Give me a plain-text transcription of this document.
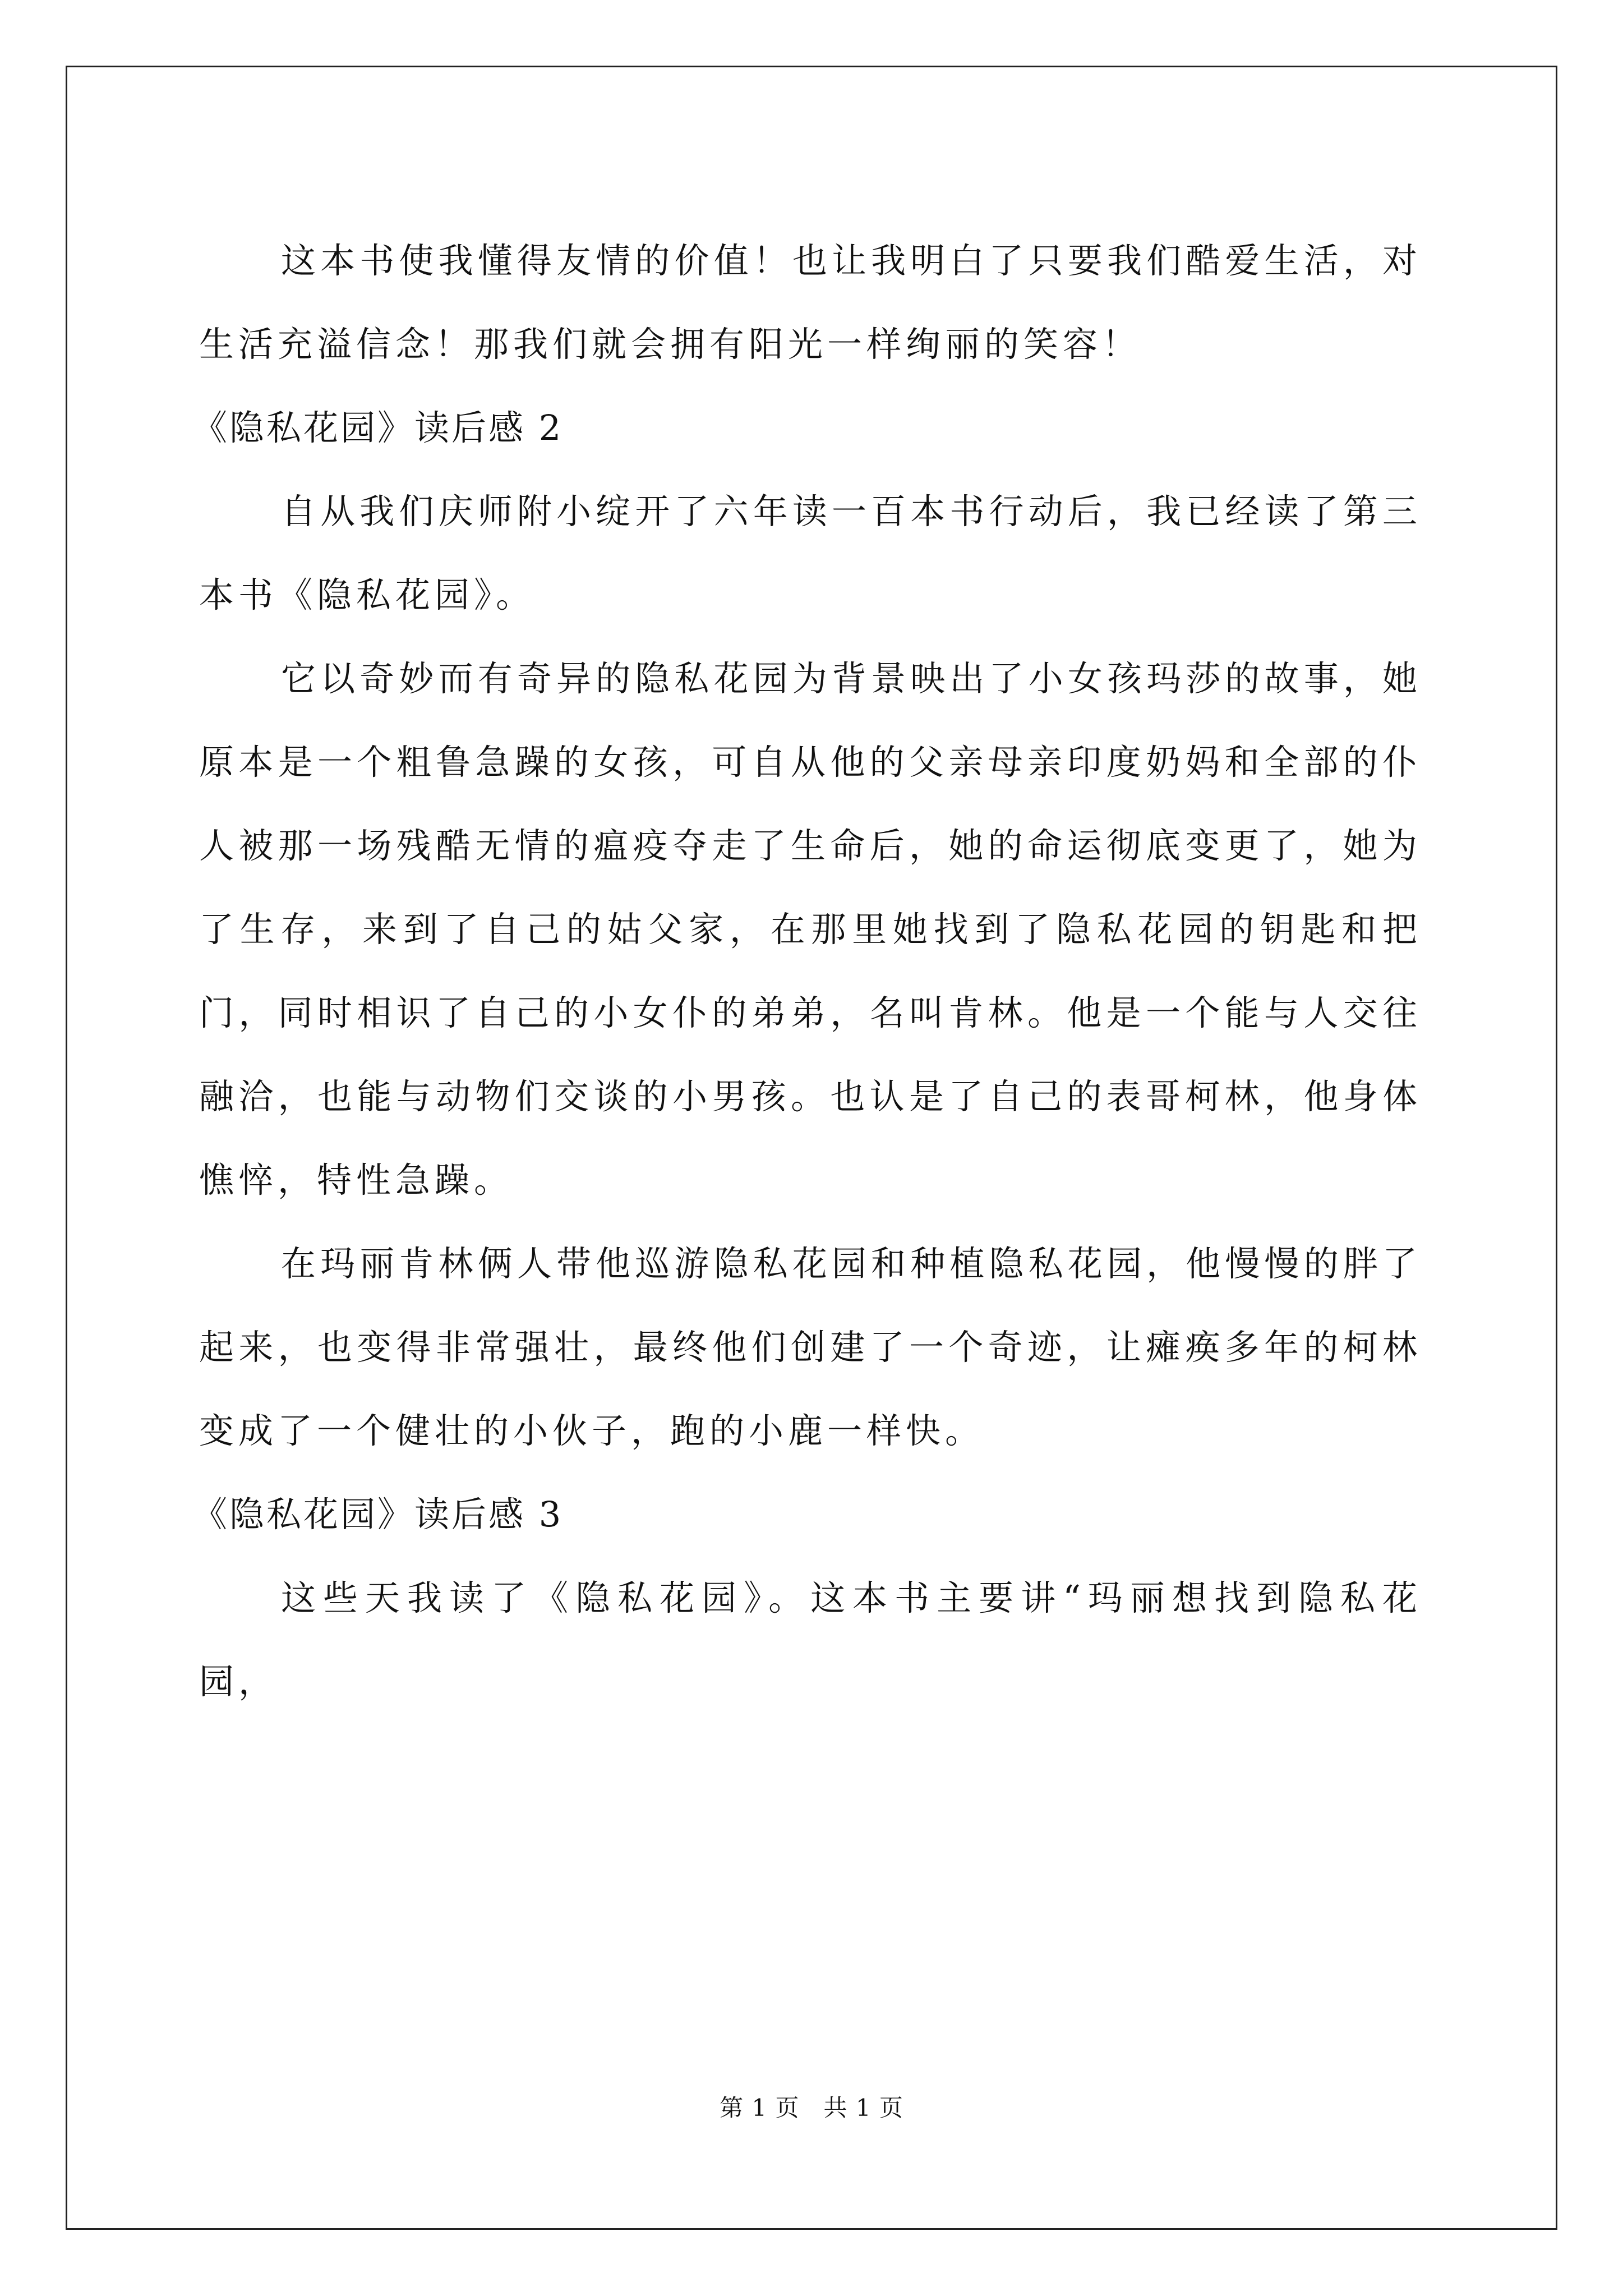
这本书使我懂得友情的价值！也让我明白了只要我们酷爱生活，对生活充溢信念！那我们就会拥有阳光一样绚丽的笑容！

《隐私花园》读后感 2

自从我们庆师附小绽开了六年读一百本书行动后，我已经读了第三本书《隐私花园》。

它以奇妙而有奇异的隐私花园为背景映出了小女孩玛莎的故事，她原本是一个粗鲁急躁的女孩，可自从他的父亲母亲印度奶妈和全部的仆人被那一场残酷无情的瘟疫夺走了生命后，她的命运彻底变更了，她为了生存，来到了自己的姑父家，在那里她找到了隐私花园的钥匙和把门，同时相识了自己的小女仆的弟弟，名叫肯林。他是一个能与人交往融洽，也能与动物们交谈的小男孩。也认是了自己的表哥柯林，他身体憔悴，特性急躁。

在玛丽肯林俩人带他巡游隐私花园和种植隐私花园，他慢慢的胖了起来，也变得非常强壮，最终他们创建了一个奇迹，让瘫痪多年的柯林变成了一个健壮的小伙子，跑的小鹿一样快。

《隐私花园》读后感 3

这些天我读了《隐私花园》。这本书主要讲“玛丽想找到隐私花园，

第 1 页　共 1 页
